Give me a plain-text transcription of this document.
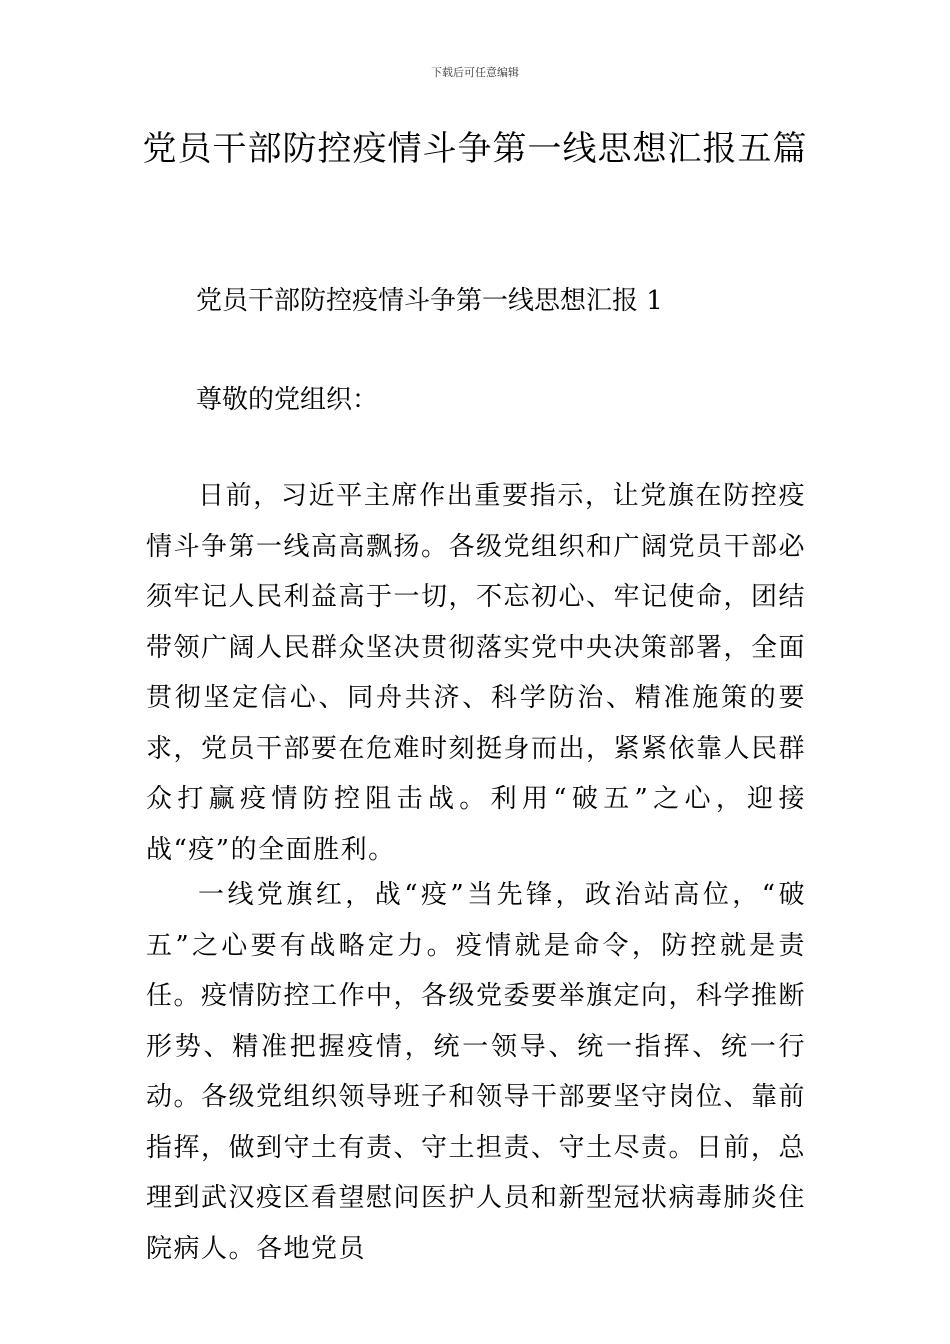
下载后可任意编辑
党员干部防控疫情斗争第一线思想汇报五篇

党员干部防控疫情斗争第一线思想汇报 1

尊敬的党组织：

日前，习近平主席作出重要指示，让党旗在防控疫情斗争第一线高高飘扬。各级党组织和广阔党员干部必须牢记人民利益高于一切，不忘初心、牢记使命，团结带领广阔人民群众坚决贯彻落实党中央决策部署，全面贯彻坚定信心、同舟共济、科学防治、精准施策的要求，党员干部要在危难时刻挺身而出，紧紧依靠人民群众打赢疫情防控阻击战。利用“破五”之心，迎接战“疫”的全面胜利。

一线党旗红，战“疫”当先锋，政治站高位，“破五”之心要有战略定力。疫情就是命令，防控就是责任。疫情防控工作中，各级党委要举旗定向，科学推断形势、精准把握疫情，统一领导、统一指挥、统一行动。各级党组织领导班子和领导干部要坚守岗位、靠前指挥，做到守土有责、守土担责、守土尽责。日前，总理到武汉疫区看望慰问医护人员和新型冠状病毒肺炎住院病人。各地党员
